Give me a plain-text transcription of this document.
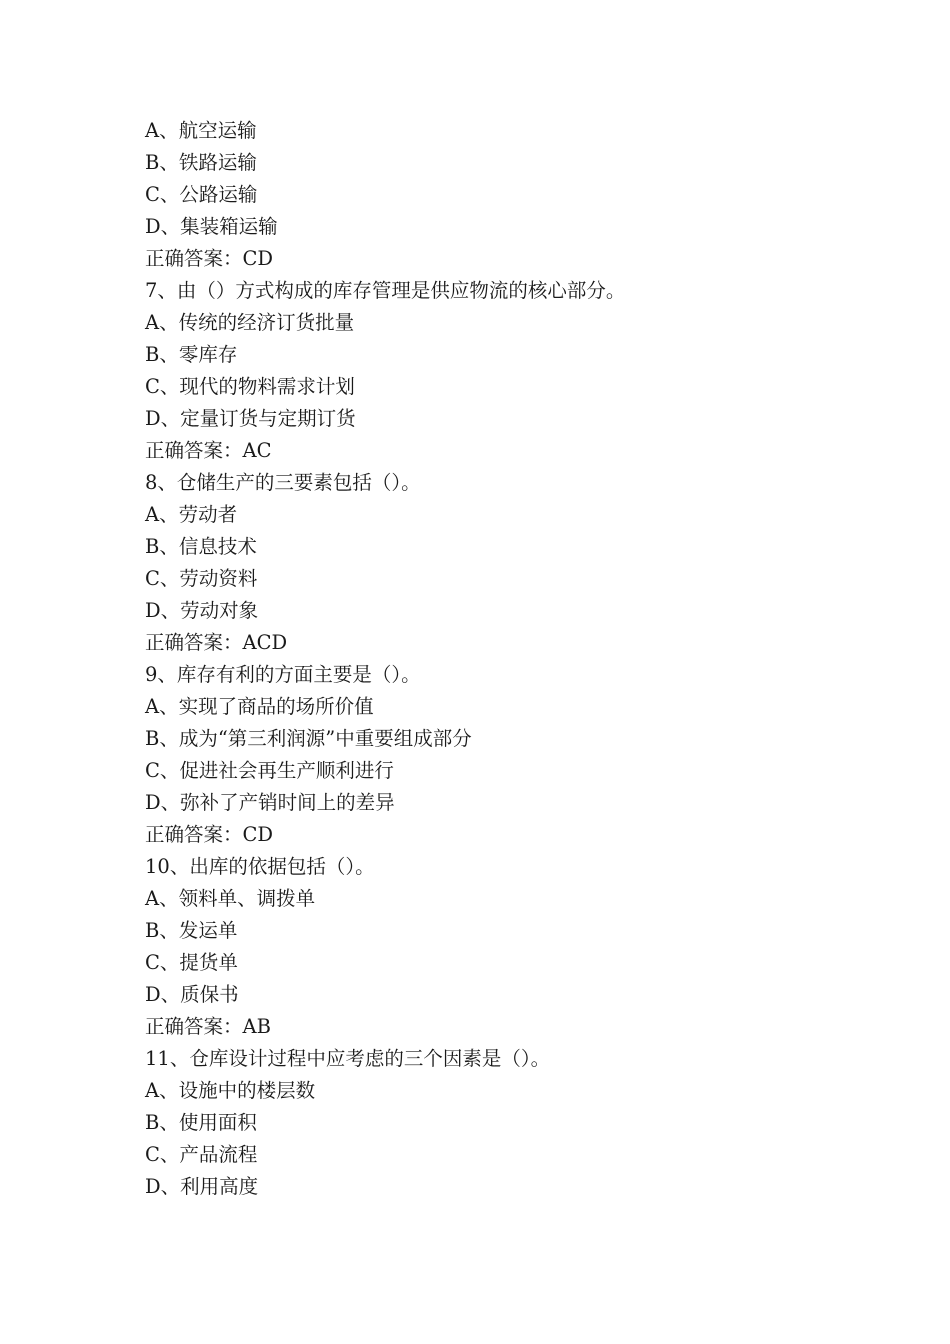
A、航空运输
B、铁路运输
C、公路运输
D、集装箱运输
正确答案：CD
7、由（）方式构成的库存管理是供应物流的核心部分。
A、传统的经济订货批量
B、零库存
C、现代的物料需求计划
D、定量订货与定期订货
正确答案：AC
8、仓储生产的三要素包括（）。
A、劳动者
B、信息技术
C、劳动资料
D、劳动对象
正确答案：ACD
9、库存有利的方面主要是（）。
A、实现了商品的场所价值
B、成为“第三利润源”中重要组成部分
C、促进社会再生产顺利进行
D、弥补了产销时间上的差异
正确答案：CD
10、出库的依据包括（）。
A、领料单、调拨单
B、发运单
C、提货单
D、质保书
正确答案：AB
11、仓库设计过程中应考虑的三个因素是（）。
A、设施中的楼层数
B、使用面积
C、产品流程
D、利用高度
